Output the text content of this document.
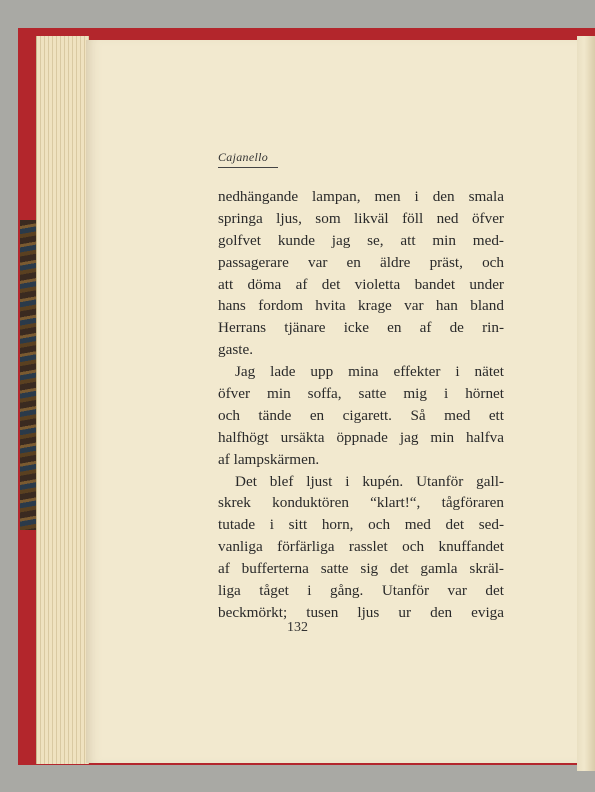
Cajanello
nedhängande lampan, men i den smala
springa ljus, som likväl föll ned öfver
golfvet kunde jag se, att min med-
passagerare var en äldre präst, och
att döma af det violetta bandet under
hans fordom hvita krage var han bland
Herrans tjänare icke en af de rin-
gaste.
Jag lade upp mina effekter i nätet
öfver min soffa, satte mig i hörnet
och tände en cigarett. Så med ett
halfhögt ursäkta öppnade jag min halfva
af lampskärmen.
Det blef ljust i kupén. Utanför gall-
skrek konduktören “klart!“, tågföraren
tutade i sitt horn, och med det sed-
vanliga förfärliga rasslet och knuffandet
af bufferterna satte sig det gamla skräl-
liga tåget i gång. Utanför var det
beckmörkt; tusen ljus ur den eviga
132
